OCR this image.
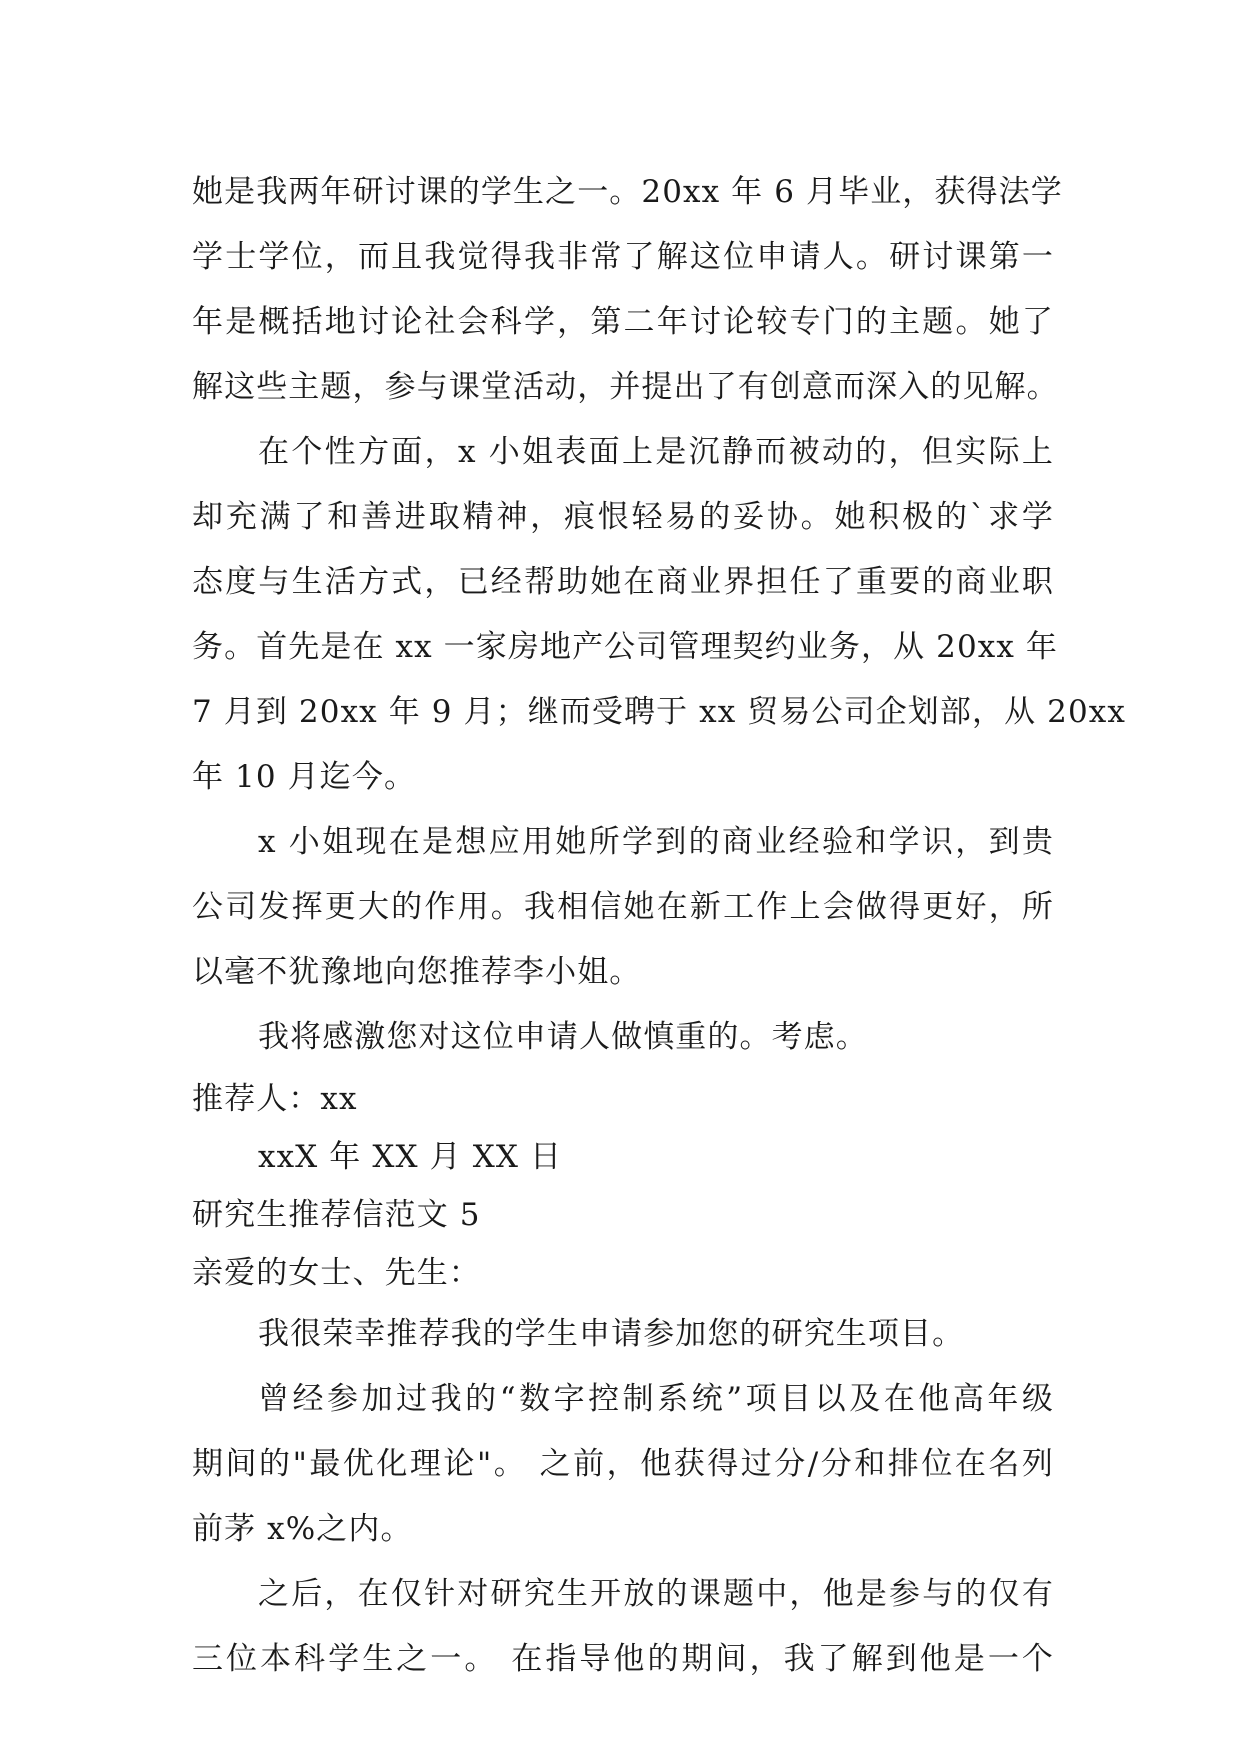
她是我两年研讨课的学生之一。20xx 年 6 月毕业，获得法学
学士学位，而且我觉得我非常了解这位申请人。研讨课第一
年是概括地讨论社会科学，第二年讨论较专门的主题。她了
解这些主题，参与课堂活动，并提出了有创意而深入的见解。
在个性方面，x 小姐表面上是沉静而被动的，但实际上
却充满了和善进取精神，痕恨轻易的妥协。她积极的`求学
态度与生活方式，已经帮助她在商业界担任了重要的商业职
务。首先是在 xx 一家房地产公司管理契约业务，从 20xx 年
7 月到 20xx 年 9 月；继而受聘于 xx 贸易公司企划部，从 20xx
年 10 月迄今。
x 小姐现在是想应用她所学到的商业经验和学识，到贵
公司发挥更大的作用。我相信她在新工作上会做得更好，所
以毫不犹豫地向您推荐李小姐。
我将感激您对这位申请人做慎重的。考虑。
推荐人：xx
xxX 年 XX 月 XX 日
研究生推荐信范文 5
亲爱的女士、先生：
我很荣幸推荐我的学生申请参加您的研究生项目。
曾经参加过我的“数字控制系统”项目以及在他高年级
期间的"最优化理论"。 之前，他获得过分/分和排位在名列
前茅 x%之内。
之后，在仅针对研究生开放的课题中，他是参与的仅有
三位本科学生之一。 在指导他的期间，我了解到他是一个
